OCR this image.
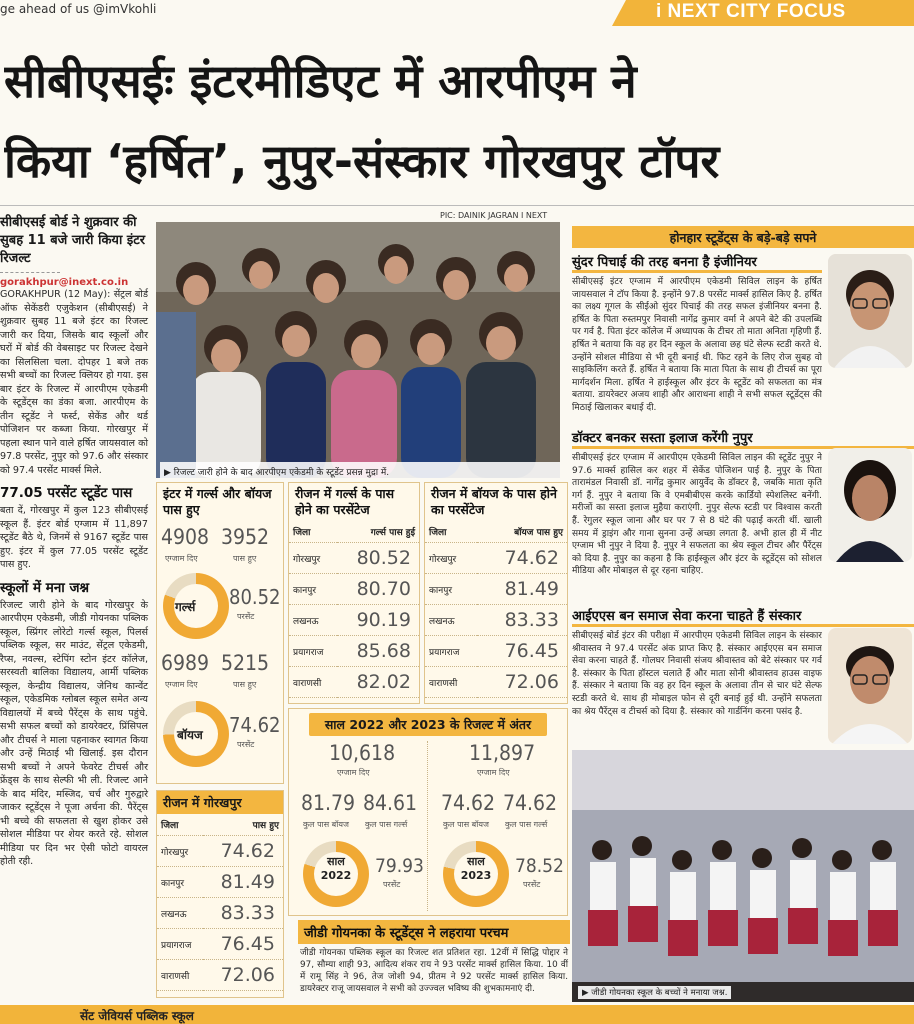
ge ahead of us @imVkohli	i NEXT CITY FOCUS
सीबीएसईः इंटरमीडिएट में आरपीएम ने
किया ‘हर्षित’, नुपुर-संस्कार गोरखपुर टॉपर
सीबीएसई बोर्ड ने शुक्रवार की सुबह 11 बजे जारी किया इंटर रिजल्ट
gorakhpur@inext.co.in
GORAKHPUR (12 May): सेंट्रल बोर्ड ऑफ सेकेंडरी एजुकेशन (सीबीएसई) ने शुक्रवार सुबह 11 बजे इंटर का रिजल्ट जारी कर दिया, जिसके बाद स्कूलों और घरों में बोर्ड की वेबसाइट पर रिजल्ट देखने का सिलसिला चला. दोपहर 1 बजे तक सभी बच्चों का रिजल्ट क्लियर हो गया. इस बार इंटर के रिजल्ट में आरपीएम एकेडमी के स्टूडेंट्स का डंका बजा. आरपीएम के तीन स्टूडेंट ने फर्स्ट, सेकेंड और थर्ड पोजिशन पर कब्जा किया. गोरखपुर में पहला स्थान पाने वाले हर्षित जायसवाल को 97.8 परसेंट, नुपुर को 97.6 और संस्कार को 97.4 परसेंट मार्क्स मिले.
77.05 परसेंट स्टूडेंट पास
बता दें, गोरखपुर में कुल 123 सीबीएसई स्कूल हैं. इंटर बोर्ड एग्जाम में 11,897 स्टूडेंट बैठे थे, जिनमें से 9167 स्टूडेंट पास हुए. इंटर में कुल 77.05 परसेंट स्टूडेंट पास हुए.
स्कूलों में मना जश्न
रिजल्ट जारी होने के बाद गोरखपुर के आरपीएम एकेडमी, जीडी गोयनका पब्लिक स्कूल, स्प्रिंगर लोरेटो गर्ल्स स्कूल, पिलर्स पब्लिक स्कूल, सर माउंट, सेंट्रल एकेडमी, रैप्स, नवल्स, स्टेपिंग स्टोन इंटर कॉलेज, सरस्वती बालिका विद्यालय, आर्मी पब्लिक स्कूल, केन्द्रीय विद्यालय, जेनिथ कान्वेंट स्कूल, एकेडमिक ग्लोबल स्कूल समेत अन्य विद्यालयों में बच्चे पैरेंट्स के साथ पहुंचे. सभी सफल बच्चों को डायरेक्टर, प्रिंसिपल और टीचर्स ने माला पहनाकर स्वागत किया और उन्हें मिठाई भी खिलाई. इस दौरान सभी बच्चों ने अपने फेवरेट टीचर्स और फ्रेंड्स के साथ सेल्फी भी ली. रिजल्ट आने के बाद मंदिर, मस्जिद, चर्च और गुरुद्वारे जाकर स्टूडेंट्स ने पूजा अर्चना की. पैरेंट्स भी बच्चे की सफलता से खुश होकर उसे सोशल मीडिया पर शेयर करते रहे. सोशल मीडिया पर दिन भर ऐसी फोटो वायरल होती रही.
PIC: DAINIK JAGRAN I NEXT
▶ रिजल्ट जारी होने के बाद आरपीएम एकेडमी के स्टूडेंट प्रसन्न मुद्रा में.
इंटर में गर्ल्स और बॉयज पास हुए
4908 3952
एग्जाम दिए	पास हुए
गर्ल्स 80.52
परसेंट
6989 5215
एग्जाम दिए	पास हुए
बॉयज 74.62
परसेंट
रीजन में गोरखपुर
जिला	पास हुए
गोरखपुर	74.62
कानपुर	81.49
लखनऊ	83.33
प्रयागराज	76.45
वाराणसी	72.06
रीजन में गर्ल्स के पास होने का परसेंटेज
जिला	गर्ल्स पास हुई
गोरखपुर	80.52
कानपुर	80.70
लखनऊ	90.19
प्रयागराज	85.68
वाराणसी	82.02
रीजन में बॉयज के पास होने का परसेंटेज
जिला	बॉयज पास हुए
गोरखपुर	74.62
कानपुर	81.49
लखनऊ	83.33
प्रयागराज	76.45
वाराणसी	72.06
साल 2022 और 2023 के रिजल्ट में अंतर
10,618
एग्जाम दिए
81.79 84.61
कुल पास बॉयज कुल पास गर्ल्स
साल
2022 79.93
परसेंट
11,897
एग्जाम दिए
74.62 74.62
कुल पास बॉयज कुल पास गर्ल्स
साल
2023 78.52
परसेंट
जीडी गोयनका के स्टूडेंट्स ने लहराया परचम
जीडी गोयनका पब्लिक स्कूल का रिजल्ट शत प्रतिशत रहा. 12वीं में सिद्धि पोद्दार ने 97, सौम्या शाही 93, आदित्य शंकर राय ने 93 परसेंट मार्क्स हासिल किया. 10 वीं में रामू सिंह ने 96, तेज जोशी 94, प्रीतम ने 92 परसेंट मार्क्स हासिल किया. डायरेक्टर राजू जायसवाल ने सभी को उज्ज्वल भविष्य की शुभकामनाएं दी.
होनहार स्टूडेंट्स के बड़े-बड़े सपने
सुंदर पिचाई की तरह बनना है इंजीनियर
सीबीएसई इंटर एग्जाम में आरपीएम एकेडमी सिविल लाइन के हर्षित जायसवाल ने टॉप किया है. इन्होंने 97.8 परसेंट मार्क्स हासिल किए है. हर्षित का लक्ष्य गूगल के सीईओ सुंदर पिचाई की तरह सफल इंजीनियर बनना है. हर्षित के पिता रुस्तमपुर निवासी नागेंद्र कुमार वर्मा ने अपने बेटे की उपलब्धि पर गर्व है. पिता इंटर कॉलेज में अध्यापक के टीचर तो माता अनिता गृहिणी हैं. हर्षित ने बताया कि वह हर दिन स्कूल के अलावा छह घंटे सेल्फ स्टडी करते थे. उन्होंने सोशल मीडिया से भी दूरी बनाई थी. फिट रहने के लिए रोज सुबह वो साइकिलिंग करते हैं. हर्षित ने बताया कि माता पिता के साथ ही टीचर्स का पूरा मार्गदर्शन मिला. हर्षित ने हाईस्कूल और इंटर के स्टूडेंट को सफलता का मंत्र बताया. डायरेक्टर अजय शाही और आराधना शाही ने सभी सफल स्टूडेंट्स की मिठाई खिलाकर बधाई दी.
डॉक्टर बनकर सस्ता इलाज करेंगी नुपुर
सीबीएसई इंटर एग्जाम में आरपीएम एकेडमी सिविल लाइन की स्टूडेंट नुपुर ने 97.6 मार्क्स हासिल कर शहर में सेकेंड पोजिशन पाई है. नुपुर के पिता तारामंडल निवासी डॉ. नागेंद्र कुमार आयुर्वेद के डॉक्टर है, जबकि माता कृति गर्ग हैं. नुपुर ने बताया कि वे एमबीबीएस करके कार्डियो स्पेशलिस्ट बनेंगी. मरीजों का सस्ता इलाज मुहैया कराएंगी. नुपुर सेल्फ स्टडी पर विश्वास करती हैं. रेगुलर स्कूल जाना और घर पर 7 से 8 घंटे की पढ़ाई करती थीं. खाली समय में ड्राइंग और गाना सुनना उन्हें अच्छा लगता है. अभी हाल ही में नीट एग्जाम भी नुपुर ने दिया है. नुपुर ने सफलता का श्रेय स्कूल टीचर और पैरेंट्स को दिया है. नुपुर का कहना है कि हाईस्कूल और इंटर के स्टूडेंट्स को सोशल मीडिया और मोबाइल से दूर रहना चाहिए.
आईएएस बन समाज सेवा करना चाहते हैं संस्कार
सीबीएसई बोर्ड इंटर की परीक्षा में आरपीएम एकेडमी सिविल लाइन के संस्कार श्रीवास्तव ने 97.4 परसेंट अंक प्राप्त किए है. संस्कार आईएएस बन समाज सेवा करना चाहते हैं. गोलघर निवासी संजय श्रीवास्तव को बेटे संस्कार पर गर्व है. संस्कार के पिता हॉस्टल चलाते हैं और माता सोनी श्रीवास्तव हाउस वाइफ हैं. संस्कार ने बताया कि वह हर दिन स्कूल के अलावा तीन से चार घंटे सेल्फ स्टडी करते थे. साथ ही मोबाइल फोन से दूरी बनाई हुई थी. उन्होंने सफलता का श्रेय पैरेंट्स व टीचर्स को दिया है. संस्कार को गार्डनिंग करना पसंद है.
▶ जीडी गोयनका स्कूल के बच्चों ने मनाया जश्न.
सेंट जेवियर्स पब्लिक स्कूल
